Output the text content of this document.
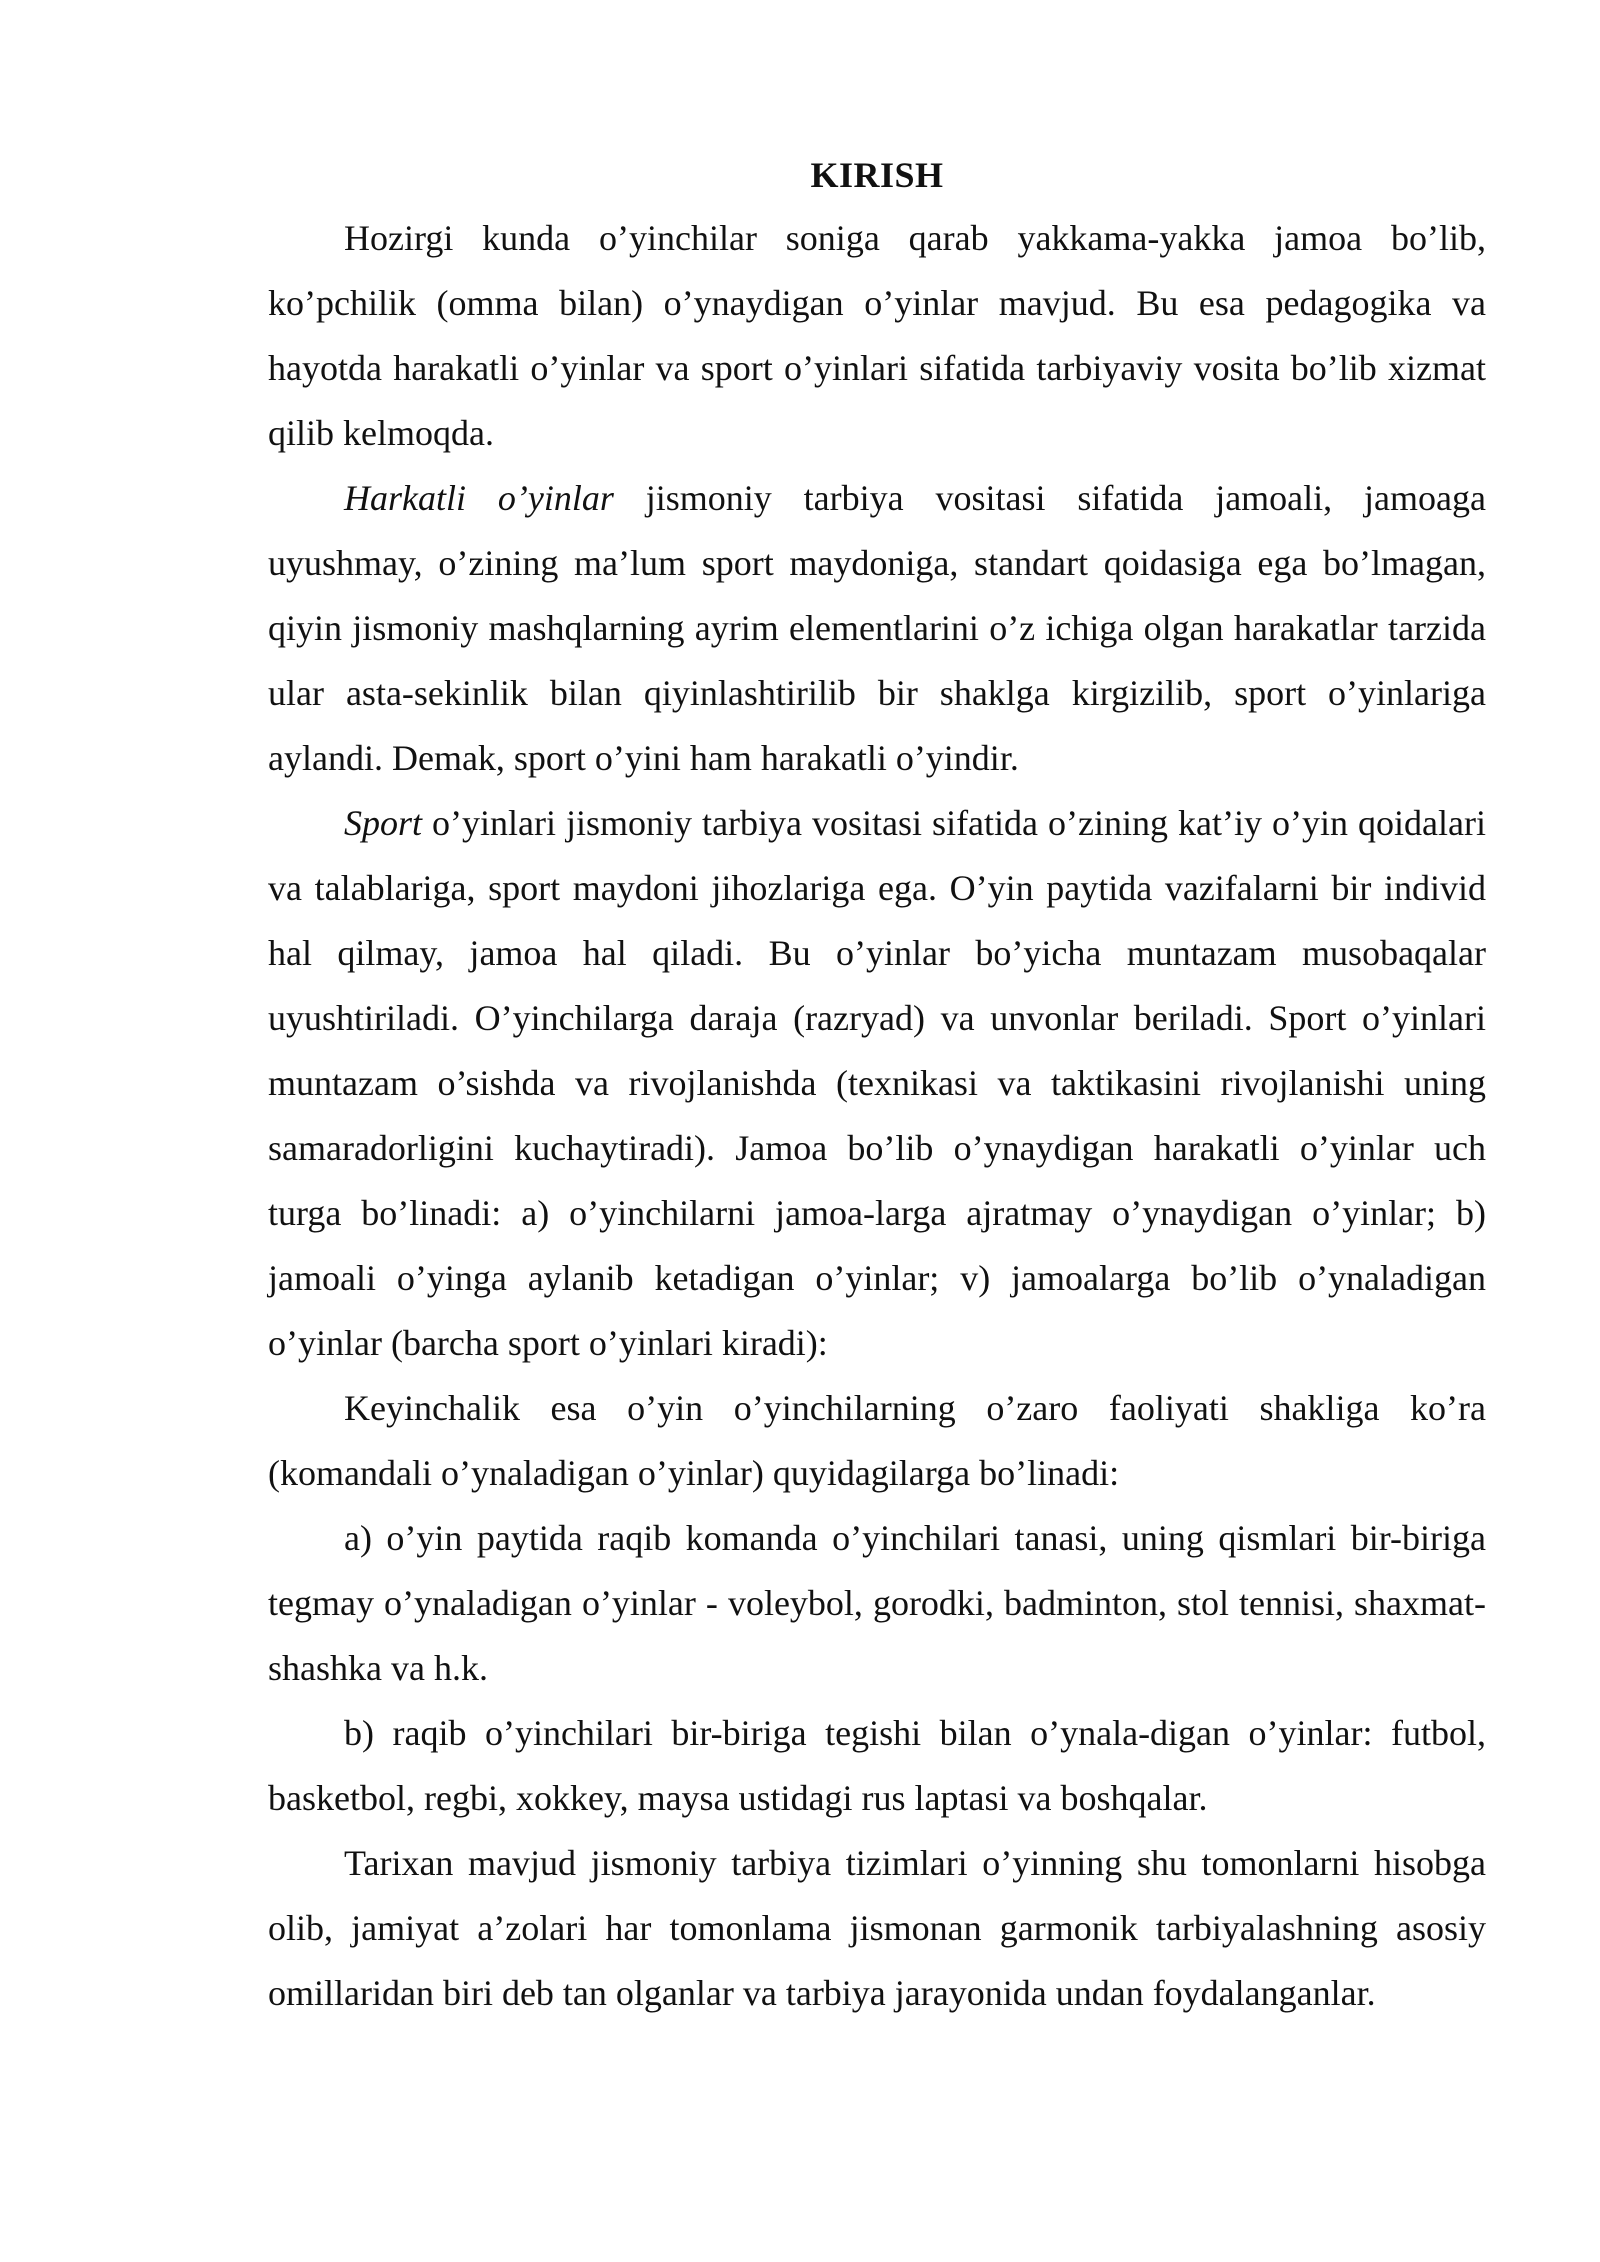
KIRISH

Hozirgi kunda o’yinchilar soniga qarab yakkama-yakka jamoa bo’lib, ko’pchilik (omma bilan) o’ynaydigan o’yinlar mavjud. Bu esa pedagogika va hayotda harakatli o’yinlar va sport o’yinlari sifatida tarbiyaviy vosita bo’lib xizmat qilib kelmoqda.

Harkatli o’yinlar jismoniy tarbiya vositasi sifatida jamoali, jamoaga uyushmay, o’zining ma’lum sport maydoniga, standart qoidasiga ega bo’lmagan, qiyin jismoniy mashqlarning ayrim elementlarini o’z ichiga olgan harakatlar tarzida ular asta-sekinlik bilan qiyinlashtirilib bir shaklga kirgizilib, sport o’yinlariga aylandi. Demak, sport o’yini ham harakatli o’yindir.

Sport o’yinlari jismoniy tarbiya vositasi sifatida o’zining kat’iy o’yin qoidalari va talablariga, sport maydoni jihozlariga ega. O’yin paytida vazifalarni bir individ hal qilmay, jamoa hal qiladi. Bu o’yinlar bo’yicha muntazam musobaqalar uyushtiriladi. O’yinchilarga daraja (razryad) va unvonlar beriladi. Sport o’yinlari muntazam o’sishda va rivojlanishda (texnikasi va taktikasini rivojlanishi uning samaradorligini kuchaytiradi). Jamoa bo’lib o’ynaydigan harakatli o’yinlar uch turga bo’linadi: a) o’yinchilarni jamoa-larga ajratmay o’ynaydigan o’yinlar; b) jamoali o’yinga aylanib ketadigan o’yinlar; v) jamoalarga bo’lib o’ynaladigan o’yinlar (barcha sport o’yinlari kiradi):

Keyinchalik esa o’yin o’yinchilarning o’zaro faoliyati shakliga ko’ra (komandali o’ynaladigan o’yinlar) quyidagilarga bo’linadi:

a) o’yin paytida raqib komanda o’yinchilari tanasi, uning qismlari bir-biriga tegmay o’ynaladigan o’yinlar - voleybol, gorodki, badminton, stol tennisi, shaxmat-shashka va h.k.

b) raqib o’yinchilari bir-biriga tegishi bilan o’ynala-digan o’yinlar: futbol, basketbol, regbi, xokkey, maysa ustidagi rus laptasi va boshqalar.

Tarixan mavjud jismoniy tarbiya tizimlari o’yinning shu tomonlarni hisobga olib, jamiyat a’zolari har tomonlama jismonan garmonik tarbiyalashning asosiy omillaridan biri deb tan olganlar va tarbiya jarayonida undan foydalanganlar.
